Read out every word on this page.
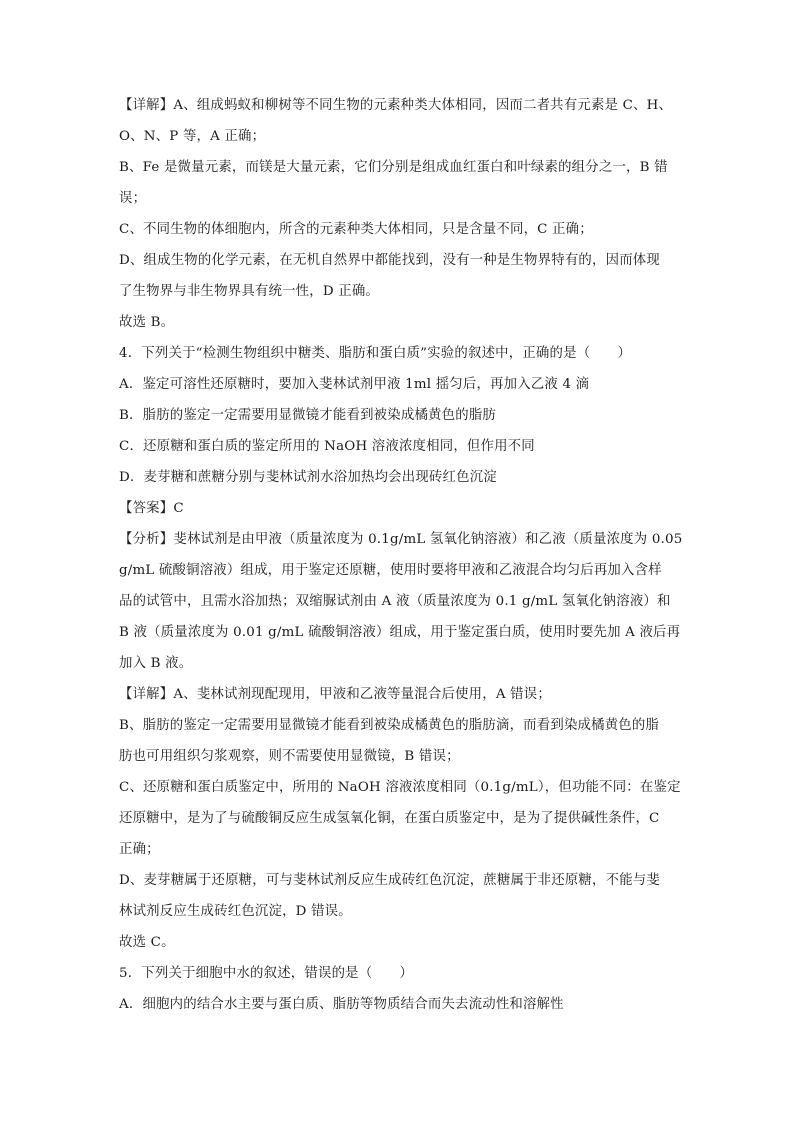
【详解】A、组成蚂蚁和柳树等不同生物的元素种类大体相同，因而二者共有元素是 C、H、
O、N、P 等，A 正确；
B、Fe 是微量元素，而镁是大量元素，它们分别是组成血红蛋白和叶绿素的组分之一，B 错
误；
C、不同生物的体细胞内，所含的元素种类大体相同，只是含量不同，C 正确；
D、组成生物的化学元素，在无机自然界中都能找到，没有一种是生物界特有的，因而体现
了生物界与非生物界具有统一性，D 正确。
故选 B。
4．下列关于“检测生物组织中糖类、脂肪和蛋白质”实验的叙述中，正确的是（　　）
A．鉴定可溶性还原糖时，要加入斐林试剂甲液 1ml 摇匀后，再加入乙液 4 滴
B．脂肪的鉴定一定需要用显微镜才能看到被染成橘黄色的脂肪
C．还原糖和蛋白质的鉴定所用的 NaOH 溶液浓度相同，但作用不同
D．麦芽糖和蔗糖分别与斐林试剂水浴加热均会出现砖红色沉淀
【答案】C
【分析】斐林试剂是由甲液（质量浓度为 0.1g/mL 氢氧化钠溶液）和乙液（质量浓度为 0.05
g/mL 硫酸铜溶液）组成，用于鉴定还原糖，使用时要将甲液和乙液混合均匀后再加入含样
品的试管中，且需水浴加热；双缩脲试剂由 A 液（质量浓度为 0.1 g/mL 氢氧化钠溶液）和
B 液（质量浓度为 0.01 g/mL 硫酸铜溶液）组成，用于鉴定蛋白质，使用时要先加 A 液后再
加入 B 液。
【详解】A、斐林试剂现配现用，甲液和乙液等量混合后使用，A 错误；
B、脂肪的鉴定一定需要用显微镜才能看到被染成橘黄色的脂肪滴，而看到染成橘黄色的脂
肪也可用组织匀浆观察，则不需要使用显微镜，B 错误；
C、还原糖和蛋白质鉴定中，所用的 NaOH 溶液浓度相同（0.1g/mL），但功能不同：在鉴定
还原糖中，是为了与硫酸铜反应生成氢氧化铜，在蛋白质鉴定中，是为了提供碱性条件，C
正确；
D、麦芽糖属于还原糖，可与斐林试剂反应生成砖红色沉淀，蔗糖属于非还原糖，不能与斐
林试剂反应生成砖红色沉淀，D 错误。
故选 C。
5．下列关于细胞中水的叙述，错误的是（　　）
A．细胞内的结合水主要与蛋白质、脂肪等物质结合而失去流动性和溶解性
